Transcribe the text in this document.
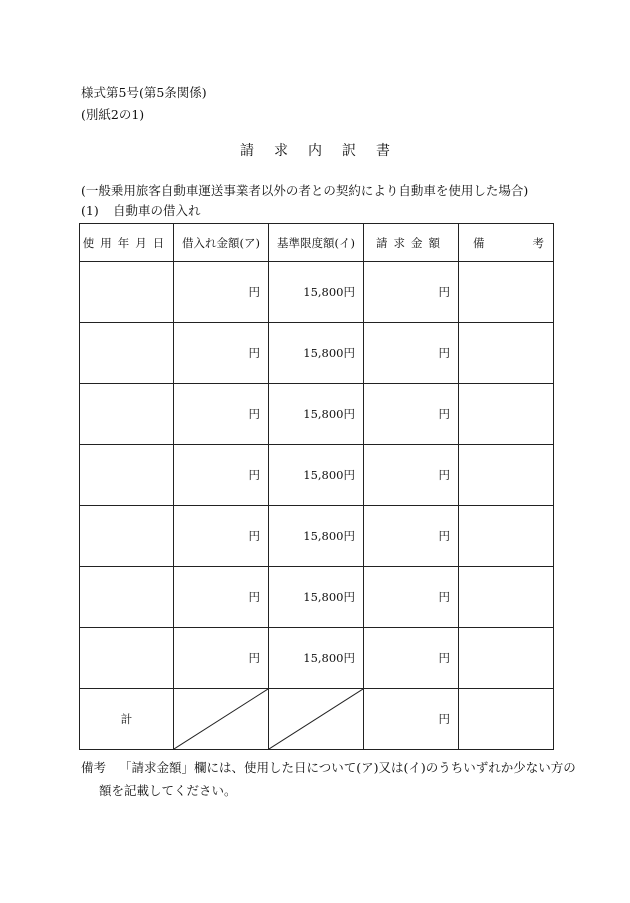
様式第5号(第5条関係)
(別紙2の1)
請求内訳書
(一般乗用旅客自動車運送事業者以外の者との契約により自動車を使用した場合)
(1) 自動車の借入れ
使用年月日	借入れ金額(ア)	基準限度額(イ)	請求金額	備 考
	円	15,800円	円	
	円	15,800円	円	
	円	15,800円	円	
	円	15,800円	円	
	円	15,800円	円	
	円	15,800円	円	
	円	15,800円	円	
計			円	
備考 「請求金額」欄には、使用した日について(ア)又は(イ)のうちいずれか少ない方の
額を記載してください。
